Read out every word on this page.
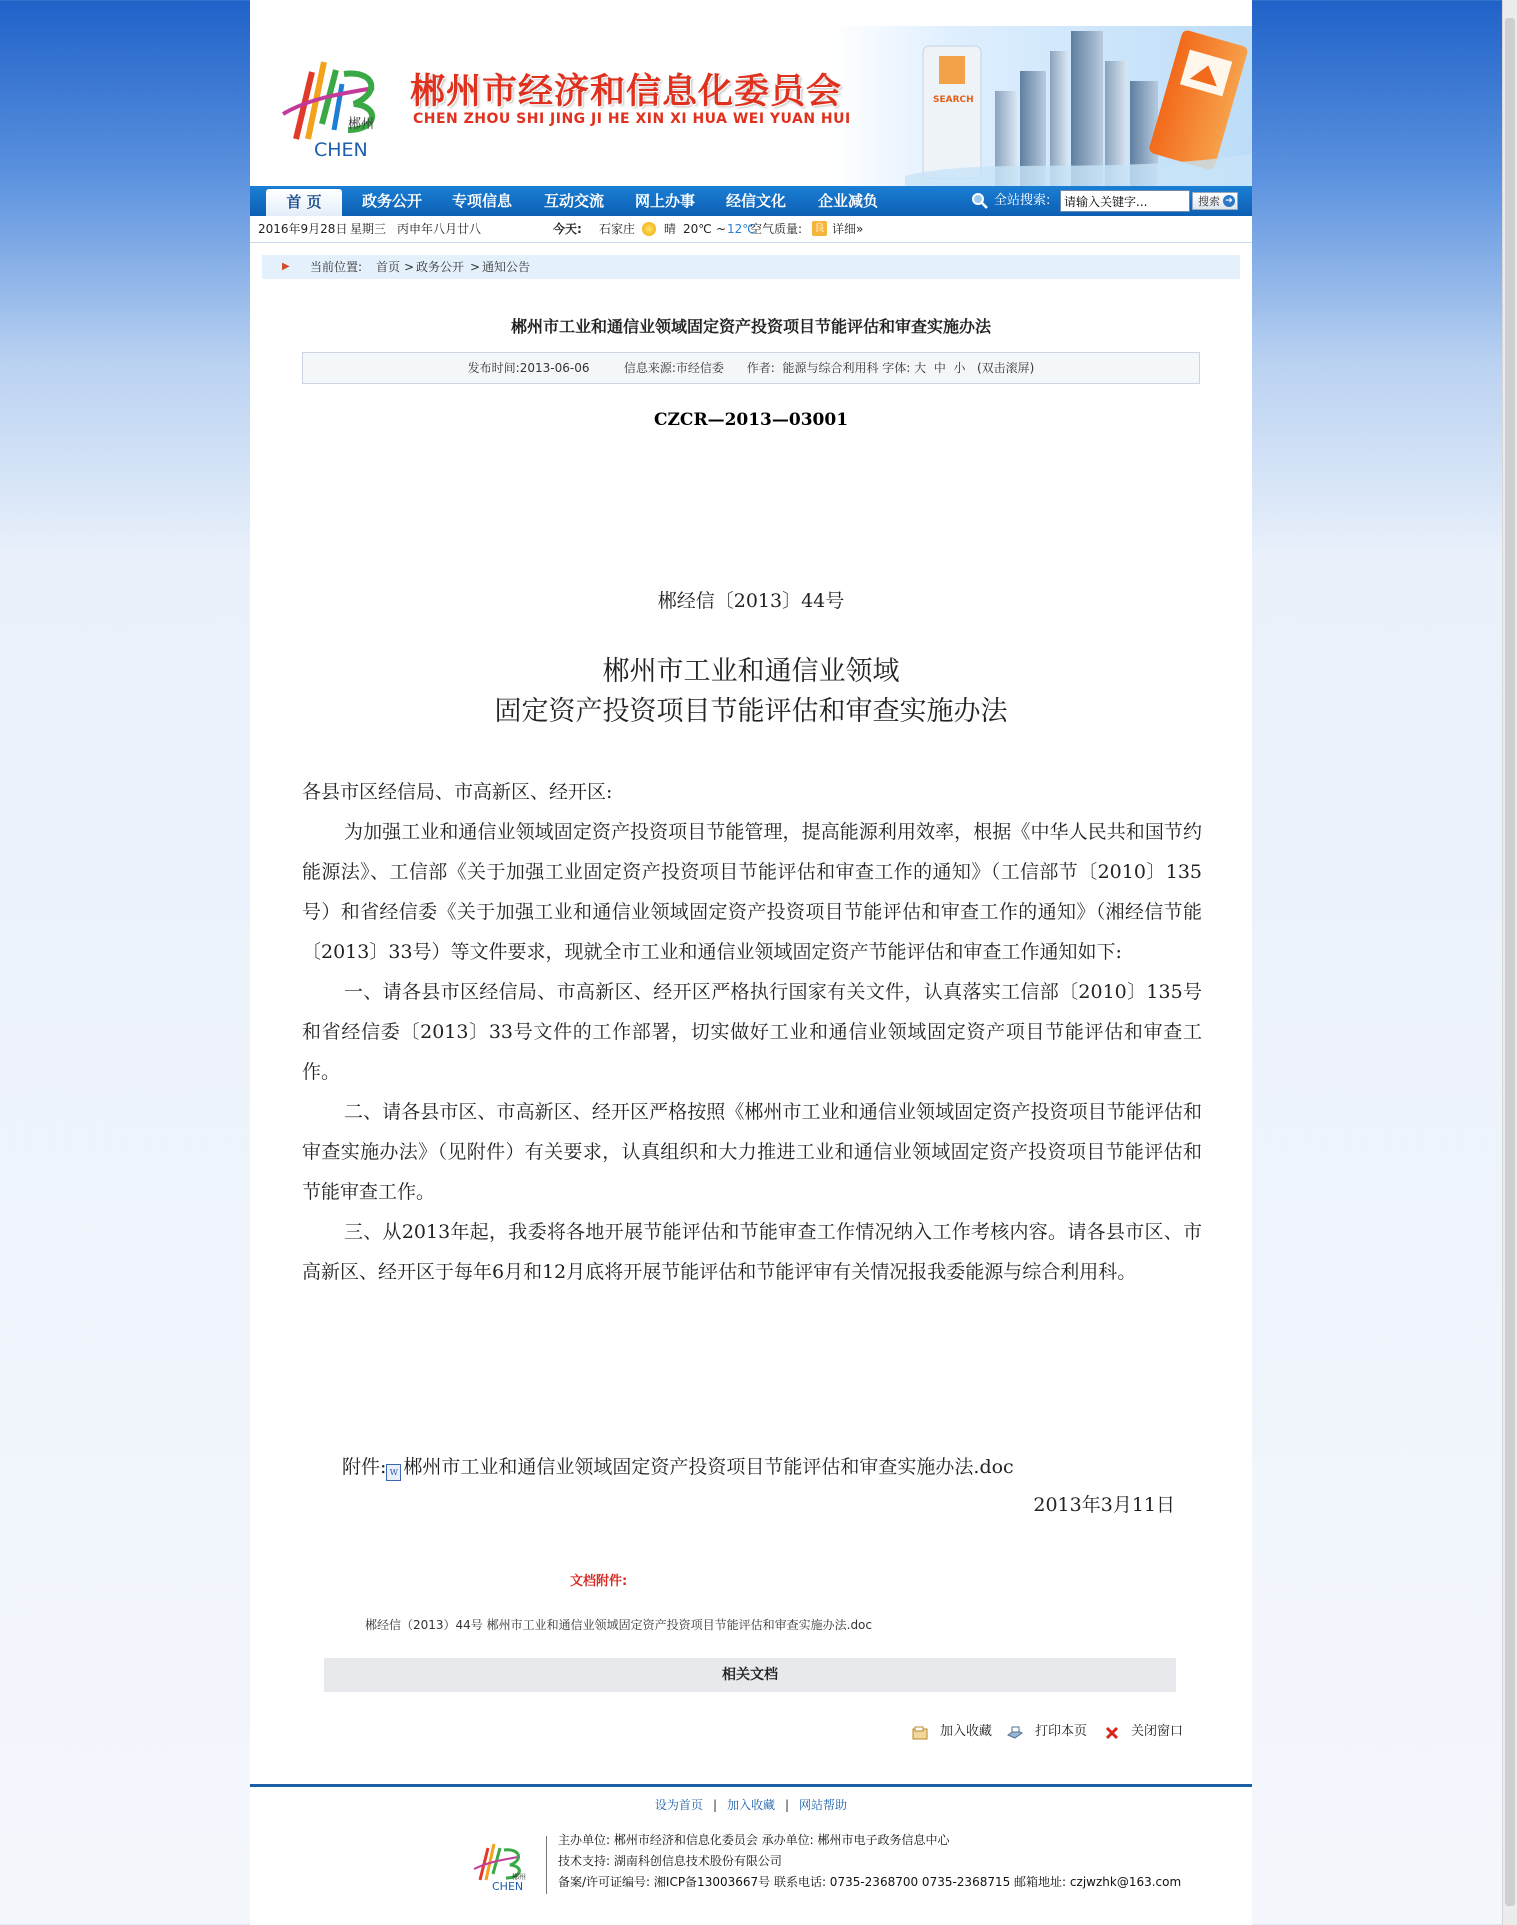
郴州
CHEN
郴州市经济和信息化委员会
CHEN ZHOU SHI JING JI HE XIN XI HUA WEI YUAN HUI
SEARCH
首 页	政务公开 专项信息 互动交流 网上办事 经信文化 企业减负	全站搜索:
请输入关键字...	搜索 ➔
2016年9月28日 星期三 丙申年八月廿八	今天: 石家庄 晴 20℃ ~ 12℃
空气质量: 良 详细»
▶ 当前位置: 首页 > 政务公开 > 通知公告
郴州市工业和通信业领域固定资产投资项目节能评估和审查实施办法
发布时间:2013-06-06	信息来源:市经信委 作者: 能源与综合利用科 字体: 大 中 小 (双击滚屏)
CZCR—2013—03001
郴经信〔2013〕44号
郴州市工业和通信业领域
固定资产投资项目节能评估和审查实施办法

各县市区经信局、市高新区、经开区:

为加强工业和通信业领域固定资产投资项目节能管理，提高能源利用效率，根据《中华人民共和国节约能源法》、工信部《关于加强工业固定资产投资项目节能评估和审查工作的通知》（工信部节〔2010〕135号）和省经信委《关于加强工业和通信业领域固定资产投资项目节能评估和审查工作的通知》（湘经信节能〔2013〕33号）等文件要求，现就全市工业和通信业领域固定资产节能评估和审查工作通知如下:

一、请各县市区经信局、市高新区、经开区严格执行国家有关文件，认真落实工信部〔2010〕135号和省经信委〔2013〕33号文件的工作部署，切实做好工业和通信业领域固定资产项目节能评估和审查工作。

二、请各县市区、市高新区、经开区严格按照《郴州市工业和通信业领域固定资产投资项目节能评估和审查实施办法》（见附件）有关要求，认真组织和大力推进工业和通信业领域固定资产投资项目节能评估和节能审查工作。

三、从2013年起，我委将各地开展节能评估和节能审查工作情况纳入工作考核内容。请各县市区、市高新区、经开区于每年6月和12月底将开展节能评估和节能评审有关情况报我委能源与综合利用科。

附件: W 郴州市工业和通信业领域固定资产投资项目节能评估和审查实施办法.doc
2013年3月11日
文档附件:
郴经信（2013）44号 郴州市工业和通信业领域固定资产投资项目节能评估和审查实施办法.doc
相关文档
加入收藏	打印本页	关闭窗口
设为首页 | 加入收藏 | 网站帮助
郴州
CHEN
主办单位: 郴州市经济和信息化委员会 承办单位: 郴州市电子政务信息中心
技术支持: 湖南科创信息技术股份有限公司
备案/许可证编号: 湘ICP备13003667号 联系电话: 0735-2368700 0735-2368715 邮箱地址: czjwzhk@163.com
